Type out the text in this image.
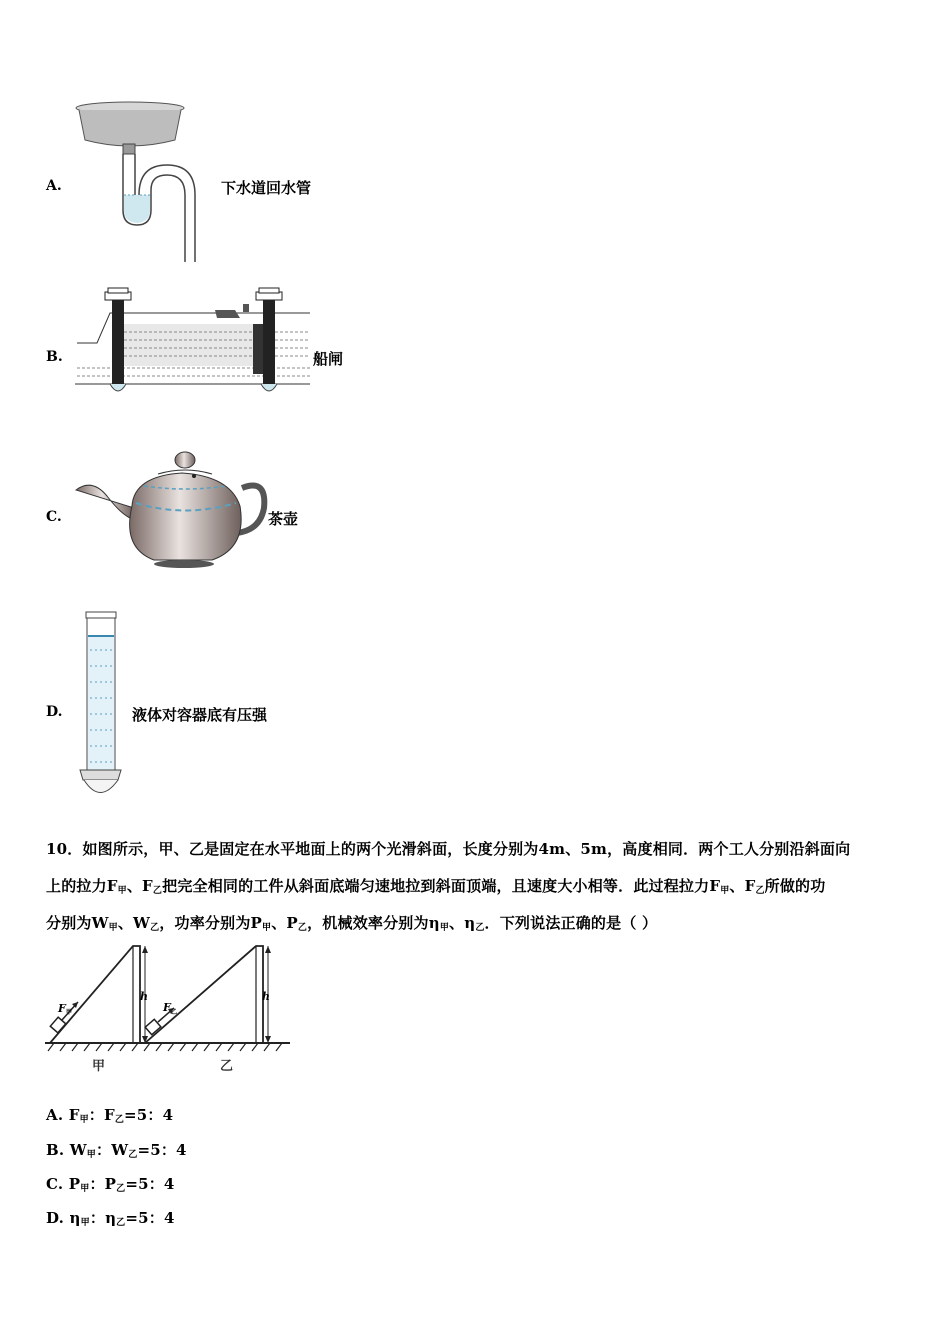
A.	下水道回水管
B.	船闸
C.	茶壶
D.	液体对容器底有压强
10．如图所示，甲、乙是固定在水平地面上的两个光滑斜面，长度分别为4m、5m，高度相同．两个工人分别沿斜面向
上的拉力$F_甲$、$F_乙$把完全相同的工件从斜面底端匀速地拉到斜面顶端，且速度大小相等．此过程拉力$F_甲$、$F_乙$所做的功
分别为$W_甲$、$W_乙$，功率分别为$P_甲$、$P_乙$，机械效率分别为$\eta_甲$、$\eta_乙$．下列说法正确的是（ ）
F 甲
h
F 乙
h
甲	乙
A. $F_甲$：$F_乙=5$：4
B. $W_甲$：$W_乙=5$：4
C. $P_甲$：$P_乙=5$：4
D. $\eta_甲$：$\eta_乙=5$：4
